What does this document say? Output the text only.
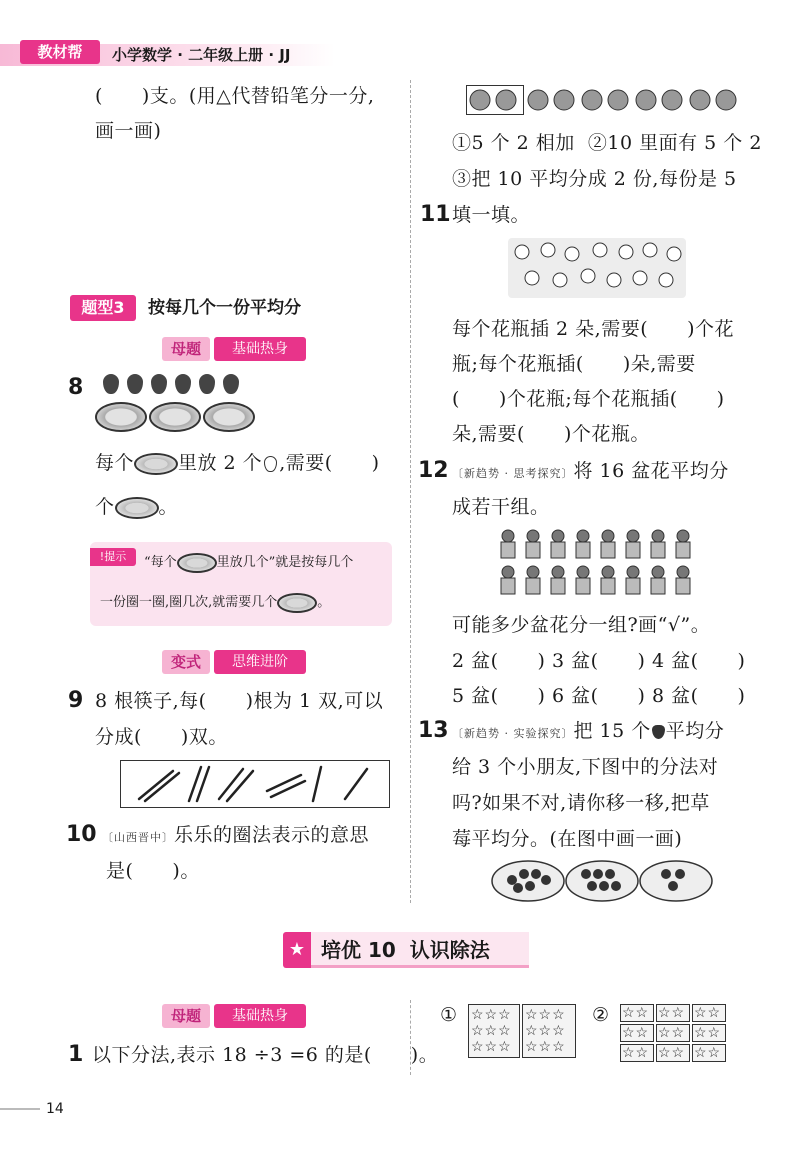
教材帮	小学数学 · 二年级上册 · JJ
(　　)支。(用△代替铅笔分一分,
画一画)
题型3	按每几个一份平均分
母题	基础热身
8
每个 里放 2 个 ,需要(　　)
个 。
!提示	“每个	里放几个”就是按每几个
一份圈一圈,圈几次,就需要几个	。
变式	思维进阶
9 8 根筷子,每(　　)根为 1 双,可以
分成(　　)双。
10 〔山西晋中〕乐乐的圈法表示的意思
是(　　)。
①5 个 2 相加 ②10 里面有 5 个 2
③把 10 平均分成 2 份,每份是 5
11 填一填。
每个花瓶插 2 朵,需要(　　)个花
瓶;每个花瓶插(　　)朵,需要
(　　)个花瓶;每个花瓶插(　　)
朵,需要(　　)个花瓶。
12 〔新趋势 · 思考探究〕将 16 盆花平均分
成若干组。
可能多少盆花分一组?画“√”。
2 盆(　　) 3 盆(　　) 4 盆(　　)
5 盆(　　) 6 盆(　　) 8 盆(　　)
13 〔新趋势 · 实验探究〕把 15 个 平均分
给 3 个小朋友,下图中的分法对
吗?如果不对,请你移一移,把草
莓平均分。(在图中画一画)
★ 培优 10  认识除法
母题	基础热身
1 以下分法,表示 18 ÷3 =6 的是(　　)。
① ☆☆☆
☆☆☆
☆☆☆
☆☆☆
☆☆☆
☆☆☆
② ☆☆ ☆☆ ☆☆
☆☆ ☆☆ ☆☆
☆☆ ☆☆ ☆☆
14
